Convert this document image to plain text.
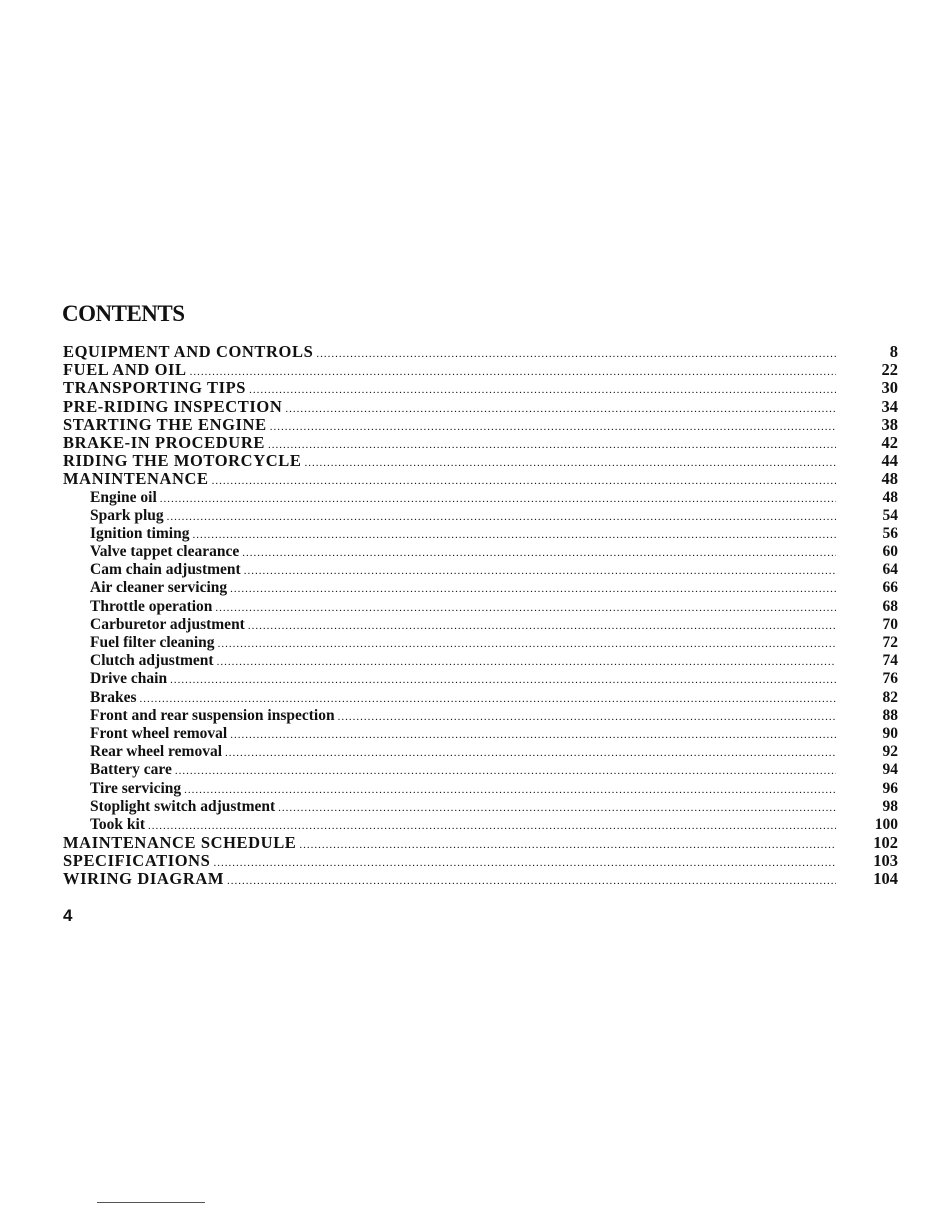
CONTENTS
EQUIPMENT AND CONTROLS .....	8
FUEL AND OIL .....	22
TRANSPORTING TIPS .....	30
PRE-RIDING INSPECTION .....	34
STARTING THE ENGINE .....	38
BRAKE-IN PROCEDURE .....	42
RIDING THE MOTORCYCLE .....	44
MANINTENANCE .....	48
Engine oil .....	48
Spark plug .....	54
Ignition timing .....	56
Valve tappet clearance .....	60
Cam chain adjustment .....	64
Air cleaner servicing .....	66
Throttle operation .....	68
Carburetor adjustment .....	70
Fuel filter cleaning .....	72
Clutch adjustment .....	74
Drive chain .....	76
Brakes .....	82
Front and rear suspension inspection .....	88
Front wheel removal .....	90
Rear wheel removal .....	92
Battery care .....	94
Tire servicing .....	96
Stoplight switch adjustment .....	98
Took kit .....	100
MAINTENANCE SCHEDULE .....	102
SPECIFICATIONS .....	103
WIRING DIAGRAM .....	104
4
